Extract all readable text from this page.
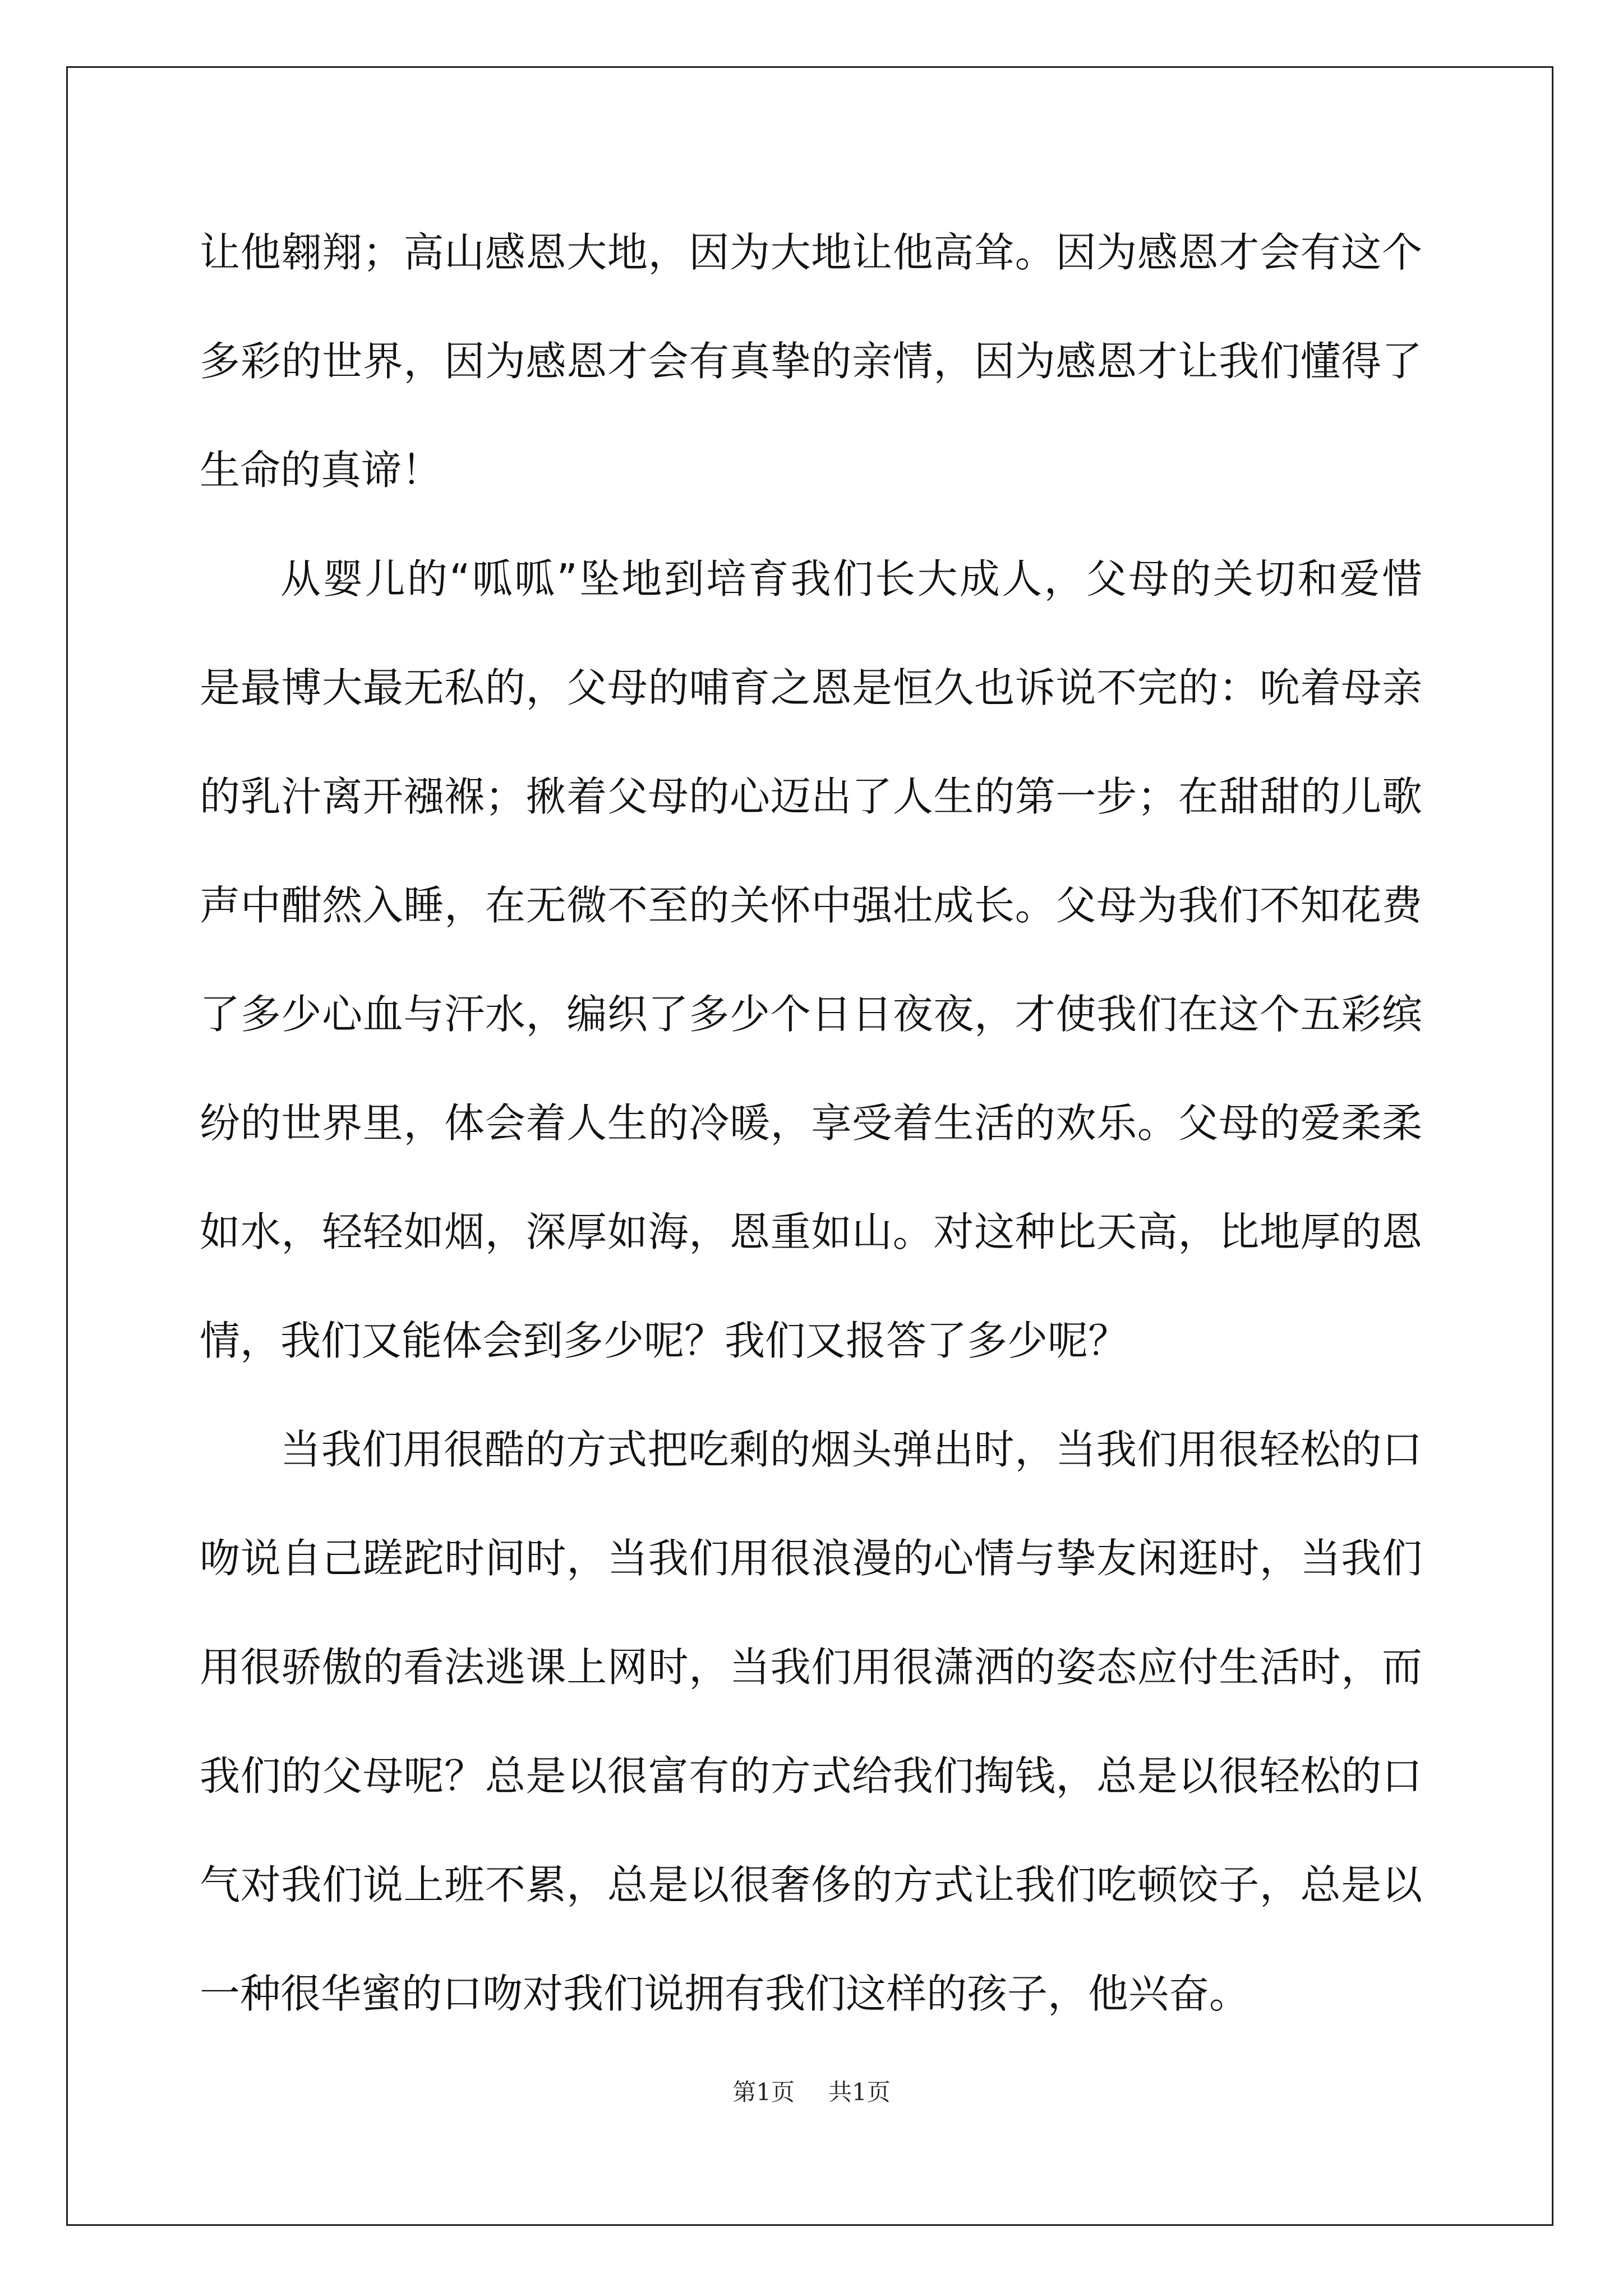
让他翱翔；高山感恩大地，因为大地让他高耸。因为感恩才会有这个
多彩的世界，因为感恩才会有真挚的亲情，因为感恩才让我们懂得了
生命的真谛！
从婴儿的“呱呱”坠地到培育我们长大成人，父母的关切和爱惜
是最博大最无私的，父母的哺育之恩是恒久也诉说不完的：吮着母亲
的乳汁离开襁褓；揪着父母的心迈出了人生的第一步；在甜甜的儿歌
声中酣然入睡，在无微不至的关怀中强壮成长。父母为我们不知花费
了多少心血与汗水，编织了多少个日日夜夜，才使我们在这个五彩缤
纷的世界里，体会着人生的冷暖，享受着生活的欢乐。父母的爱柔柔
如水，轻轻如烟，深厚如海，恩重如山。对这种比天高，比地厚的恩
情，我们又能体会到多少呢？我们又报答了多少呢？
当我们用很酷的方式把吃剩的烟头弹出时，当我们用很轻松的口
吻说自己蹉跎时间时，当我们用很浪漫的心情与挚友闲逛时，当我们
用很骄傲的看法逃课上网时，当我们用很潇洒的姿态应付生活时，而
我们的父母呢？总是以很富有的方式给我们掏钱，总是以很轻松的口
气对我们说上班不累，总是以很奢侈的方式让我们吃顿饺子，总是以
一种很华蜜的口吻对我们说拥有我们这样的孩子，他兴奋。
第1页 共1页
